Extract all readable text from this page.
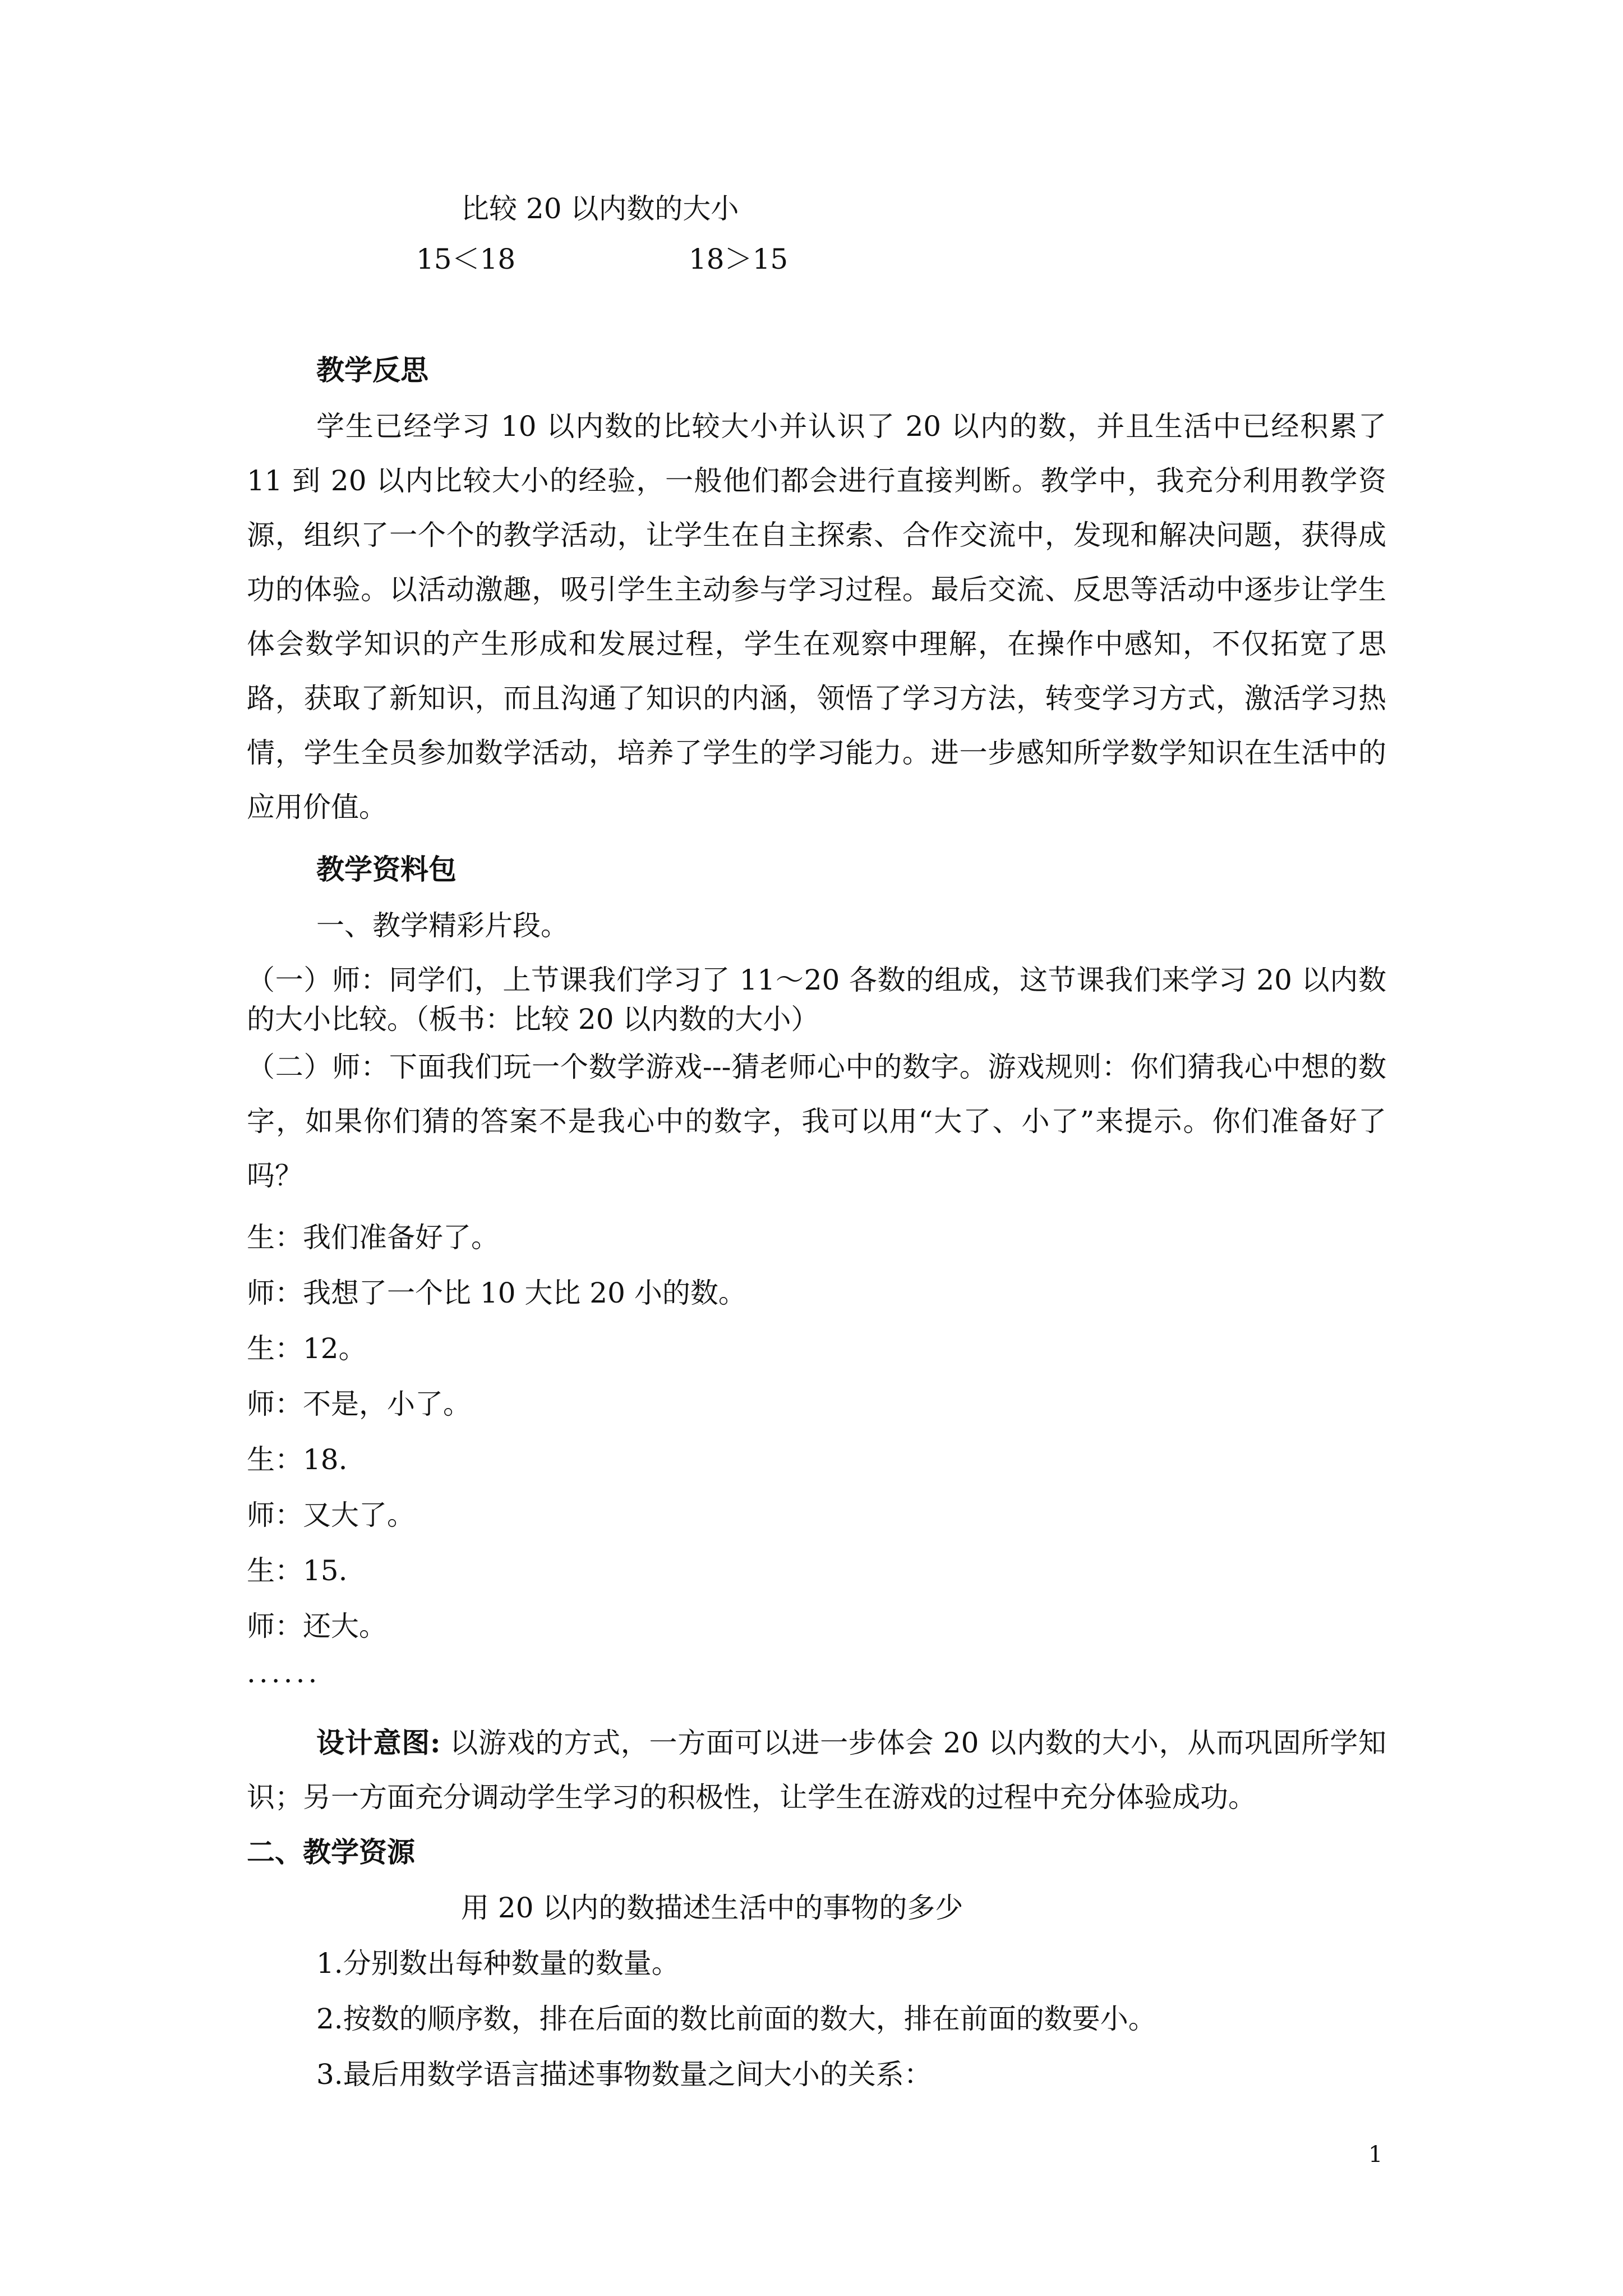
比较 20 以内数的大小

15＜18	18＞15

教学反思

学生已经学习 10 以内数的比较大小并认识了 20 以内的数，并且生活中已经积累了 11 到 20 以内比较大小的经验，一般他们都会进行直接判断。教学中，我充分利用教学资源，组织了一个个的教学活动，让学生在自主探索、合作交流中，发现和解决问题，获得成功的体验。以活动激趣，吸引学生主动参与学习过程。最后交流、反思等活动中逐步让学生体会数学知识的产生形成和发展过程，学生在观察中理解，在操作中感知，不仅拓宽了思路，获取了新知识，而且沟通了知识的内涵，领悟了学习方法，转变学习方式，激活学习热情，学生全员参加数学活动，培养了学生的学习能力。进一步感知所学数学知识在生活中的应用价值。

教学资料包

一、教学精彩片段。

（一）师：同学们，上节课我们学习了 11～20 各数的组成，这节课我们来学习 20 以内数的大小比较。（板书：比较 20 以内数的大小）

（二）师：下面我们玩一个数学游戏---猜老师心中的数字。游戏规则：你们猜我心中想的数字，如果你们猜的答案不是我心中的数字，我可以用“大了、小了”来提示。你们准备好了吗？

生：我们准备好了。

师：我想了一个比 10 大比 20 小的数。

生：12。

师：不是，小了。

生：18.

师：又大了。

生：15.

师：还大。

......

设计意图: 以游戏的方式，一方面可以进一步体会 20 以内数的大小，从而巩固所学知识；另一方面充分调动学生学习的积极性，让学生在游戏的过程中充分体验成功。

二、教学资源

用 20 以内的数描述生活中的事物的多少

1.分别数出每种数量的数量。

2.按数的顺序数，排在后面的数比前面的数大，排在前面的数要小。

3.最后用数学语言描述事物数量之间大小的关系：

1
